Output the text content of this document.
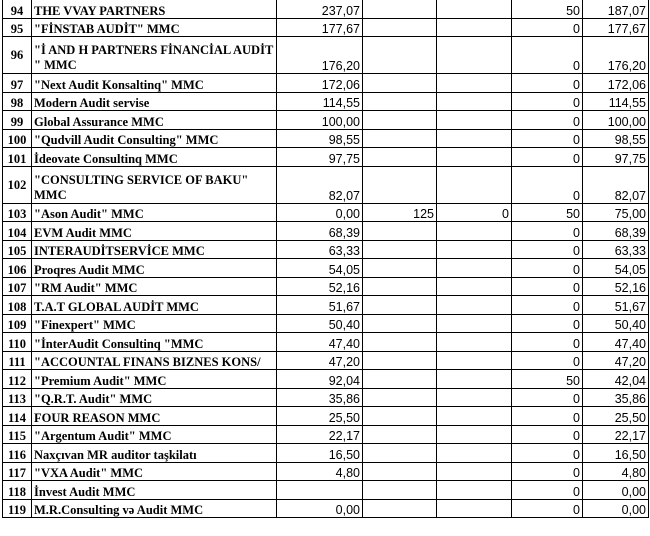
94	THE VVAY PARTNERS	237,07			50	187,07
95	"FİNSTAB AUDİT" MMC	177,67			0	177,67
96	"İ AND H PARTNERS FİNANCİAL AUDİT " MMC	176,20			0	176,20
97	"Next Audit Konsaltinq" MMC	172,06			0	172,06
98	Modern Audit servise	114,55			0	114,55
99	Global Assurance MMC	100,00			0	100,00
100	"Qudvill Audit Consulting" MMC	98,55			0	98,55
101	İdeovate Consultinq MMC	97,75			0	97,75
102	"CONSULTING SERVICE OF BAKU" MMC	82,07			0	82,07
103	"Ason Audit" MMC	0,00	125	0	50	75,00
104	EVM Audit MMC	68,39			0	68,39
105	INTERAUDİTSERVİCE MMC	63,33			0	63,33
106	Proqres Audit MMC	54,05			0	54,05
107	"RM Audit" MMC	52,16			0	52,16
108	T.A.T GLOBAL AUDİT MMC	51,67			0	51,67
109	"Finexpert" MMC	50,40			0	50,40
110	"İnterAudit Consultinq "MMC	47,40			0	47,40
111	"ACCOUNTAL FINANS BIZNES KONS/	47,20			0	47,20
112	"Premium Audit" MMC	92,04			50	42,04
113	"Q.R.T. Audit" MMC	35,86			0	35,86
114	FOUR REASON MMC	25,50			0	25,50
115	"Argentum Audit" MMC	22,17			0	22,17
116	Naxçıvan MR auditor taşkilatı	16,50			0	16,50
117	"VXA Audit" MMC	4,80			0	4,80
118	İnvest Audit MMC				0	0,00
119	M.R.Consulting və Audit MMC	0,00			0	0,00
